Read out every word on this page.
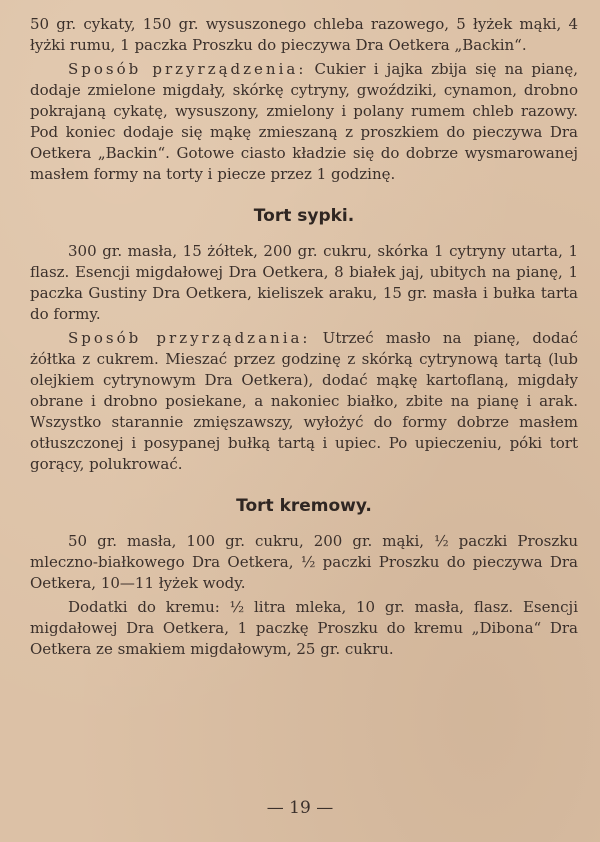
50 gr. cykaty, 150 gr. wysuszonego chleba razowego, 5 łyżek mąki, 4 łyżki rumu, 1 paczka Proszku do pieczywa Dra Oetkera „Backin“.

Sposób przyrządzenia: Cukier i jajka zbija się na pianę, dodaje zmielone migdały, skórkę cytryny, gwoździki, cynamon, drobno pokrajaną cykatę, wysuszony, zmielony i polany rumem chleb razowy. Pod koniec dodaje się mąkę zmieszaną z proszkiem do pieczywa Dra Oetkera „Backin“. Gotowe ciasto kładzie się do dobrze wysmarowanej masłem formy na torty i piecze przez 1 godzinę.

Tort sypki.

300 gr. masła, 15 żółtek, 200 gr. cukru, skórka 1 cytryny utarta, 1 flasz. Esencji migdałowej Dra Oetkera, 8 białek jaj, ubitych na pianę, 1 paczka Gustiny Dra Oetkera, kieliszek araku, 15 gr. masła i bułka tarta do formy.

Sposób przyrządzania: Utrzeć masło na pianę, dodać żółtka z cukrem. Mieszać przez godzinę z skórką cytrynową tartą (lub olejkiem cytrynowym Dra Oetkera), dodać mąkę kartoflaną, migdały obrane i drobno posiekane, a nakoniec białko, zbite na pianę i arak. Wszystko starannie zmięszawszy, wyłożyć do formy dobrze masłem otłuszczonej i posypanej bułką tartą i upiec. Po upieczeniu, póki tort gorący, polukrować.

Tort kremowy.

50 gr. masła, 100 gr. cukru, 200 gr. mąki, ½ paczki Proszku mleczno-białkowego Dra Oetkera, ½ paczki Proszku do pieczywa Dra Oetkera, 10—11 łyżek wody.

Dodatki do kremu: ½ litra mleka, 10 gr. masła, flasz. Esencji migdałowej Dra Oetkera, 1 paczkę Proszku do kremu „Dibona“ Dra Oetkera ze smakiem migdałowym, 25 gr. cukru.

— 19 —
